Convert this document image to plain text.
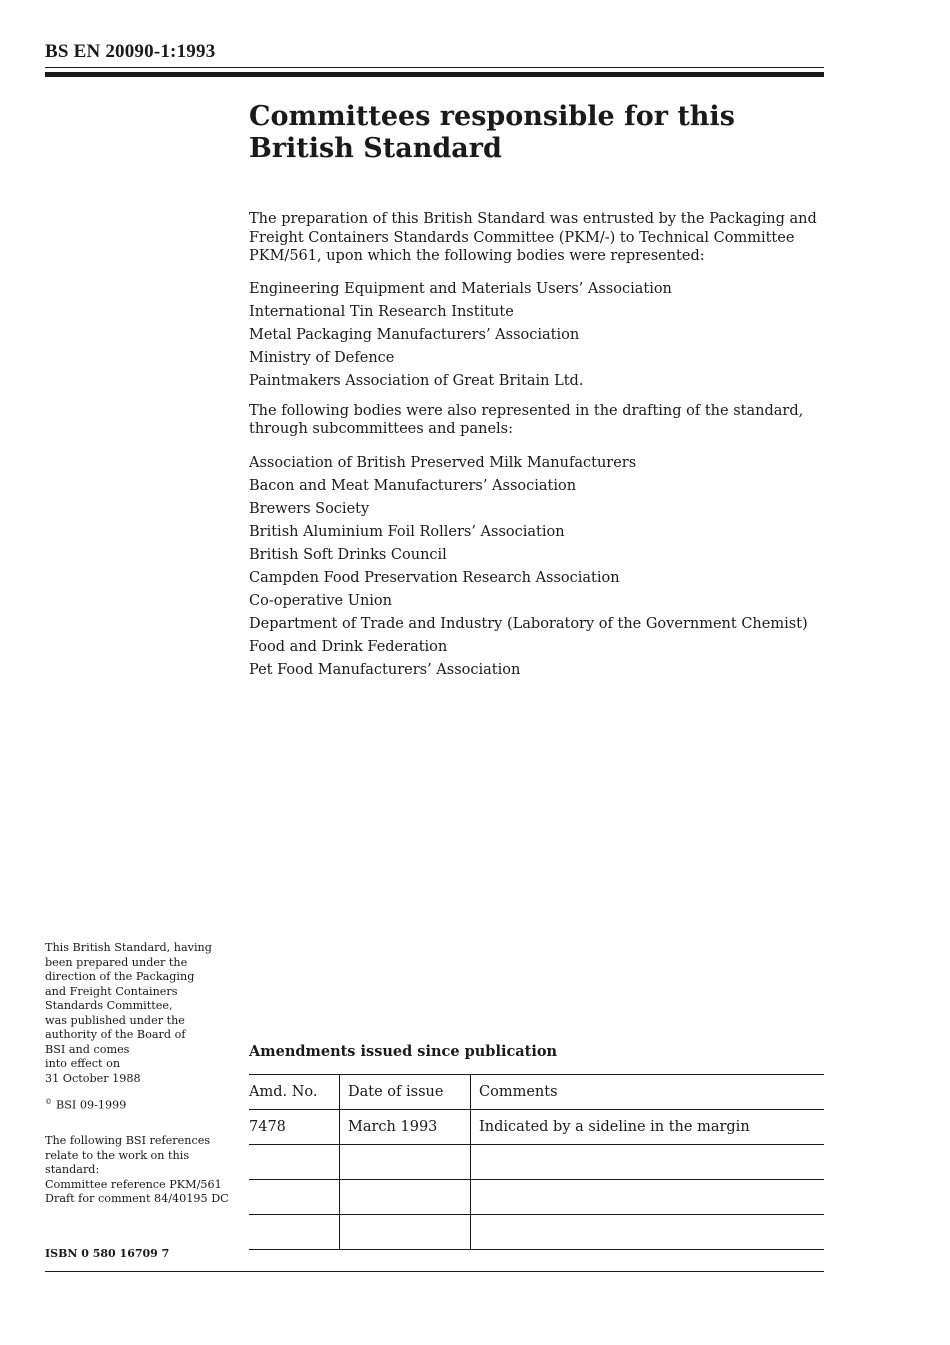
BS EN 20090-1:1993
Committees responsible for this
British Standard

The preparation of this British Standard was entrusted by the Packaging and Freight Containers Standards Committee (PKM/-) to Technical Committee PKM/561, upon which the following bodies were represented:

Engineering Equipment and Materials Users’ Association
International Tin Research Institute
Metal Packaging Manufacturers’ Association
Ministry of Defence
Paintmakers Association of Great Britain Ltd.

The following bodies were also represented in the drafting of the standard, through subcommittees and panels:

Association of British Preserved Milk Manufacturers
Bacon and Meat Manufacturers’ Association
Brewers Society
British Aluminium Foil Rollers’ Association
British Soft Drinks Council
Campden Food Preservation Research Association
Co-operative Union
Department of Trade and Industry (Laboratory of the Government Chemist)
Food and Drink Federation
Pet Food Manufacturers’ Association

This British Standard, having
been prepared under the
direction of the Packaging
and Freight Containers
Standards Committee,
was published under the
authority of the Board of
BSI and comes
into effect on
31 October 1988

© BSI 09-1999

The following BSI references
relate to the work on this
standard:
Committee reference PKM/561
Draft for comment 84/40195 DC

ISBN 0 580 16709 7
Amendments issued since publication
Amd. No.	Date of issue	Comments
7478	March 1993	Indicated by a sideline in the margin
